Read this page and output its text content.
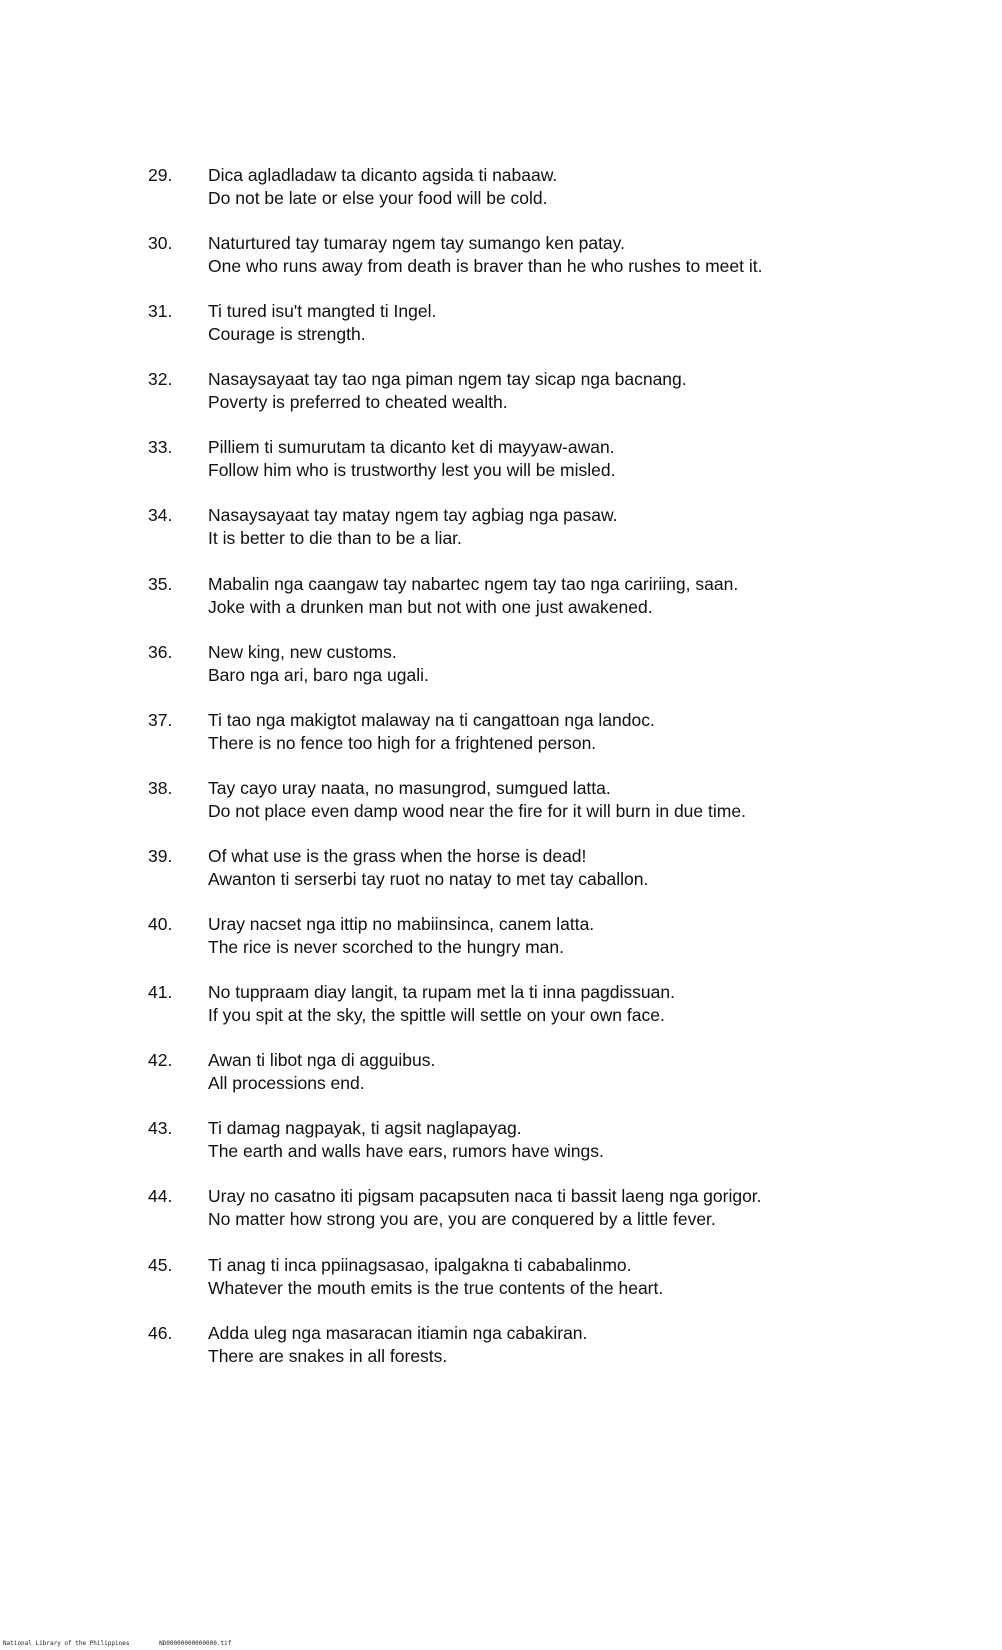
29.	Dica agladladaw ta dicanto agsida ti nabaaw.
Do not be late or else your food will be cold.
30.	Naturtured tay tumaray ngem tay sumango ken patay.
One who runs away from death is braver than he who rushes to meet it.
31.	Ti tured isu't mangted ti Ingel.
Courage is strength.
32.	Nasaysayaat tay tao nga piman ngem tay sicap nga bacnang.
Poverty is preferred to cheated wealth.
33.	Pilliem ti sumurutam ta dicanto ket di mayyaw-awan.
Follow him who is trustworthy lest you will be misled.
34.	Nasaysayaat tay matay ngem tay agbiag nga pasaw.
It is better to die than to be a liar.
35.	Mabalin nga caangaw tay nabartec ngem tay tao nga caririing, saan.
Joke with a drunken man but not with one just awakened.
36.	New king, new customs.
Baro nga ari, baro nga ugali.
37.	Ti tao nga makigtot malaway na ti cangattoan nga landoc.
There is no fence too high for a frightened person.
38.	Tay cayo uray naata, no masungrod, sumgued latta.
Do not place even damp wood near the fire for it will burn in due time.
39.	Of what use is the grass when the horse is dead!
Awanton ti serserbi tay ruot no natay to met tay caballon.
40.	Uray nacset nga ittip no mabiinsinca, canem latta.
The rice is never scorched to the hungry man.
41.	No tuppraam diay langit, ta rupam met la ti inna pagdissuan.
If you spit at the sky, the spittle will settle on your own face.
42.	Awan ti libot nga di agguibus.
All processions end.
43.	Ti damag nagpayak, ti agsit naglapayag.
The earth and walls have ears, rumors have wings.
44.	Uray no casatno iti pigsam pacapsuten naca ti bassit laeng nga gorigor.
No matter how strong you are, you are conquered by a little fever.
45.	Ti anag ti inca ppiinagsasao, ipalgakna ti cababalinmo.
Whatever the mouth emits is the true contents of the heart.
46.	Adda uleg nga masaracan itiamin nga cabakiran.
There are snakes in all forests.
National Library of the Philippines	ND00000000000000.tif
